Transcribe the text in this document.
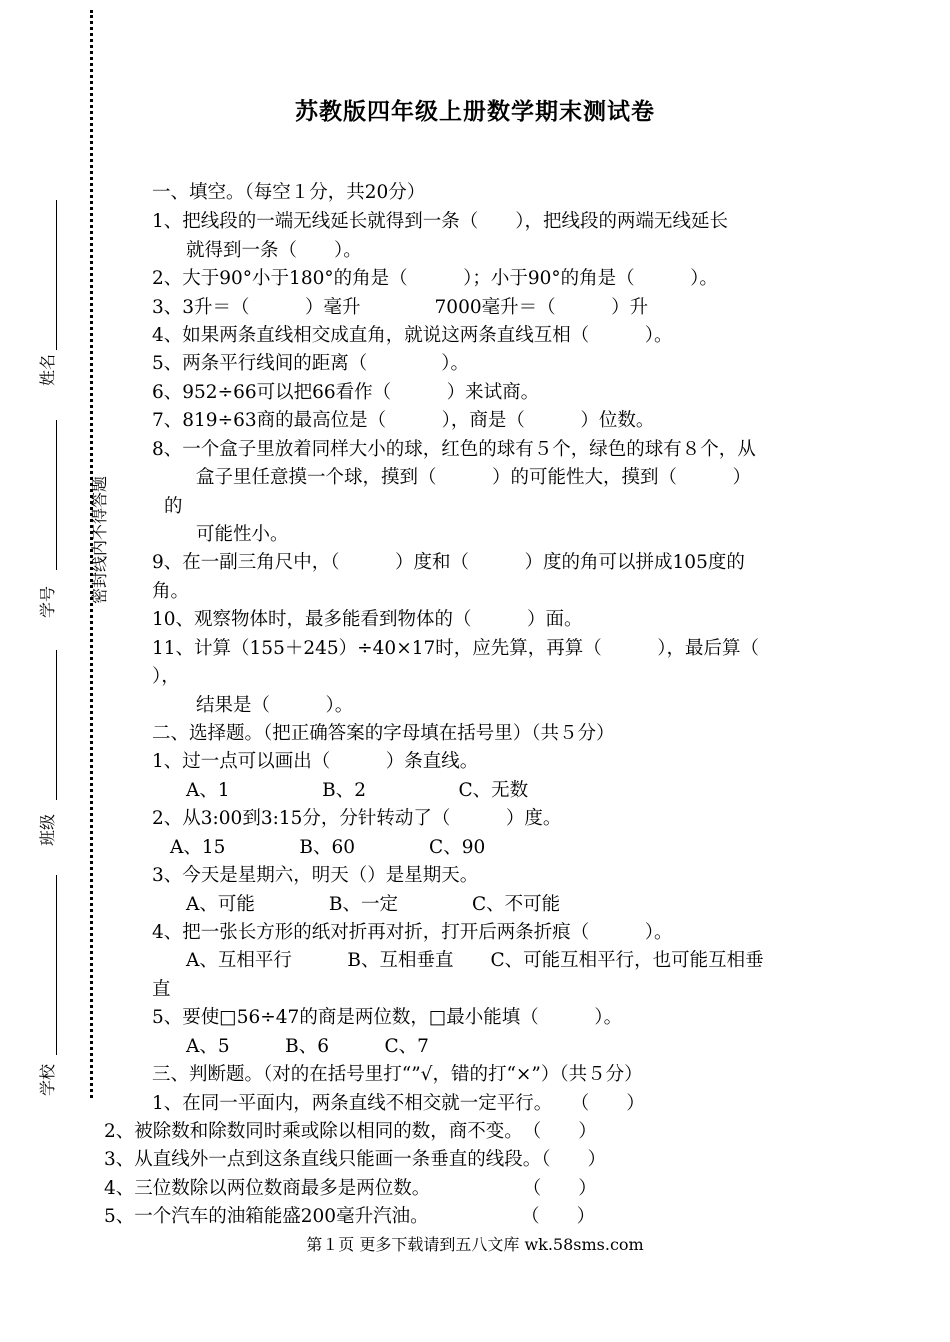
姓名
学号
班级
学校
密封线内不得答题
苏教版四年级上册数学期末测试卷
一、填空。（每空１分，共20分）
1、把线段的一端无线延长就得到一条（　　），把线段的两端无线延长
就得到一条（　　）。
2、大于90°小于180°的角是（　　　）；小于90°的角是（　　　）。
3、3升＝（　　　）毫升　　　　7000毫升＝（　　　）升
4、如果两条直线相交成直角，就说这两条直线互相（　　　）。
5、两条平行线间的距离（　　　　）。
6、952÷66可以把66看作（　　　）来试商。
7、819÷63商的最高位是（　　　），商是（　　　）位数。
8、一个盒子里放着同样大小的球，红色的球有５个，绿色的球有８个，从
盒子里任意摸一个球，摸到（　　　）的可能性大，摸到（　　　）
的
可能性小。
9、在一副三角尺中，（　　　）度和（　　　）度的角可以拼成105度的
角。
10、观察物体时，最多能看到物体的（　　　）面。
11、计算（155＋245）÷40×17时，应先算，再算（　　　），最后算（
），
结果是（　　　）。
二、选择题。（把正确答案的字母填在括号里）（共５分）
1、过一点可以画出（　　　）条直线。
A、1　　　　　B、2　　　　　C、无数
2、从3:00到3:15分，分针转动了（　　　）度。
A、15　　　　B、60　　　　C、90
3、今天是星期六，明天（）是星期天。
A、可能　　　　B、一定　　　　C、不可能
4、把一张长方形的纸对折再对折，打开后两条折痕（　　　）。
A、互相平行　　　B、互相垂直　　C、可能互相平行，也可能互相垂
直
5、要使□56÷47的商是两位数，□最小能填（　　　）。
A、5　　　B、6　　　C、7
三、判断题。（对的在括号里打“”√，错的打“×”）（共５分）
1、在同一平面内，两条直线不相交就一定平行。　　（　　）
2、被除数和除数同时乘或除以相同的数，商不变。　（　　）
3、从直线外一点到这条直线只能画一条垂直的线段。（　　）
4、三位数除以两位数商最多是两位数。　　　　　　（　　）
5、一个汽车的油箱能盛200毫升汽油。　　　　　　（　　）
第１页 更多下载请到五八文库 wk.58sms.com
